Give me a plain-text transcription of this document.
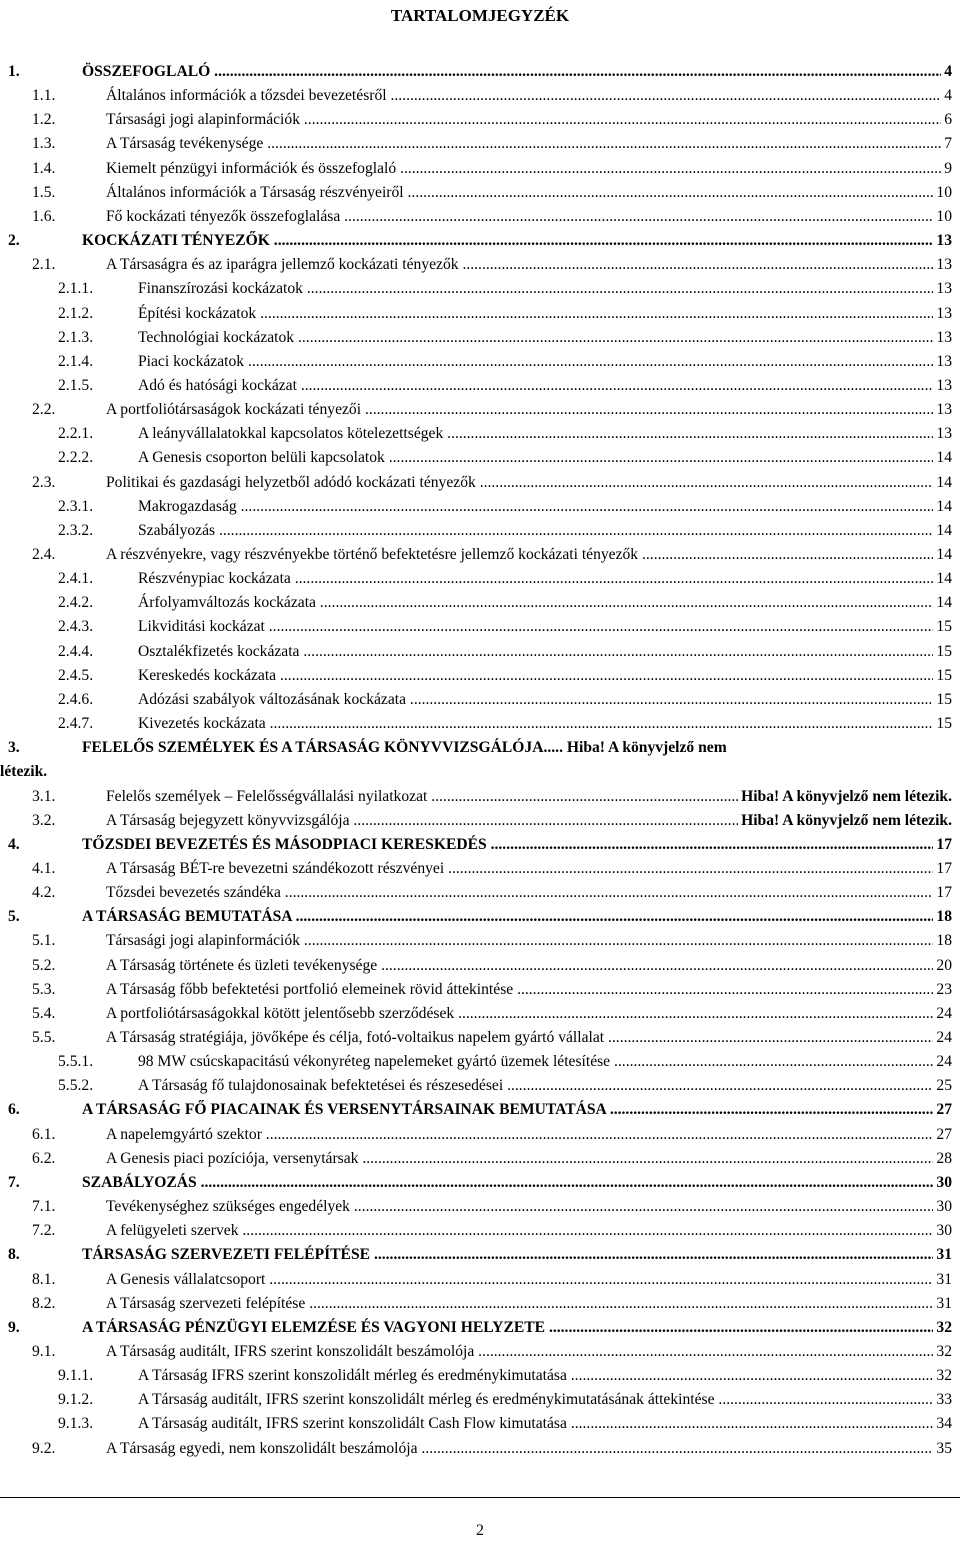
TARTALOMJEGYZÉK
1.	ÖSSZEFOGLALÓ .....	4
1.1.	Általános információk a tőzsdei bevezetésről .....	4
1.2.	Társasági jogi alapinformációk .....	6
1.3.	A Társaság tevékenysége .....	7
1.4.	Kiemelt pénzügyi információk és összefoglaló .....	9
1.5.	Általános információk a Társaság részvényeiről .....	10
1.6.	Fő kockázati tényezők összefoglalása .....	10
2.	KOCKÁZATI TÉNYEZŐK .....	13
2.1.	A Társaságra és az iparágra jellemző kockázati tényezők .....	13
2.1.1.	Finanszírozási kockázatok .....	13
2.1.2.	Építési kockázatok .....	13
2.1.3.	Technológiai kockázatok .....	13
2.1.4.	Piaci kockázatok .....	13
2.1.5.	Adó és hatósági kockázat .....	13
2.2.	A portfoliótársaságok kockázati tényezői .....	13
2.2.1.	A leányvállalatokkal kapcsolatos kötelezettségek .....	13
2.2.2.	A Genesis csoporton belüli kapcsolatok .....	14
2.3.	Politikai és gazdasági helyzetből adódó kockázati tényezők .....	14
2.3.1.	Makrogazdaság .....	14
2.3.2.	Szabályozás .....	14
2.4.	A részvényekre, vagy részvényekbe történő befektetésre jellemző kockázati tényezők .....	14
2.4.1.	Részvénypiac kockázata .....	14
2.4.2.	Árfolyamváltozás kockázata .....	14
2.4.3.	Likviditási kockázat .....	15
2.4.4.	Osztalékfizetés kockázata .....	15
2.4.5.	Kereskedés kockázata .....	15
2.4.6.	Adózási szabályok változásának kockázata .....	15
2.4.7.	Kivezetés kockázata .....	15
3.	FELELŐS SZEMÉLYEK ÉS A TÁRSASÁG KÖNYVVIZSGÁLÓJA..... Hiba! A könyvjelző nem
létezik.
3.1.	Felelős személyek – Felelősségvállalási nyilatkozat .....	Hiba! A könyvjelző nem létezik.
3.2.	A Társaság bejegyzett könyvvizsgálója .....	Hiba! A könyvjelző nem létezik.
4.	TŐZSDEI BEVEZETÉS ÉS MÁSODPIACI KERESKEDÉS .....	17
4.1.	A Társaság BÉT-re bevezetni szándékozott részvényei .....	17
4.2.	Tőzsdei bevezetés szándéka .....	17
5.	A TÁRSASÁG BEMUTATÁSA .....	18
5.1.	Társasági jogi alapinformációk .....	18
5.2.	A Társaság története és üzleti tevékenysége .....	20
5.3.	A Társaság főbb befektetési portfolió elemeinek rövid áttekintése .....	23
5.4.	A portfoliótársaságokkal kötött jelentősebb szerződések .....	24
5.5.	A Társaság stratégiája, jövőképe és célja, fotó-voltaikus napelem gyártó vállalat .....	24
5.5.1.	98 MW csúcskapacitású vékonyréteg napelemeket gyártó üzemek létesítése .....	24
5.5.2.	A Társaság fő tulajdonosainak befektetései és részesedései .....	25
6.	A TÁRSASÁG FŐ PIACAINAK ÉS VERSENYTÁRSAINAK BEMUTATÁSA .....	27
6.1.	A napelemgyártó szektor .....	27
6.2.	A Genesis piaci pozíciója, versenytársak .....	28
7.	SZABÁLYOZÁS .....	30
7.1.	Tevékenységhez szükséges engedélyek .....	30
7.2.	A felügyeleti szervek .....	30
8.	TÁRSASÁG SZERVEZETI FELÉPÍTÉSE .....	31
8.1.	A Genesis vállalatcsoport .....	31
8.2.	A Társaság szervezeti felépítése .....	31
9.	A TÁRSASÁG PÉNZÜGYI ELEMZÉSE ÉS VAGYONI HELYZETE .....	32
9.1.	A Társaság auditált, IFRS szerint konszolidált beszámolója .....	32
9.1.1.	A Társaság IFRS szerint konszolidált mérleg és eredménykimutatása .....	32
9.1.2.	A Társaság auditált, IFRS szerint konszolidált mérleg és eredménykimutatásának áttekintése .....	33
9.1.3.	A Társaság auditált, IFRS szerint konszolidált Cash Flow kimutatása .....	34
9.2.	A Társaság egyedi, nem konszolidált beszámolója .....	35
2
